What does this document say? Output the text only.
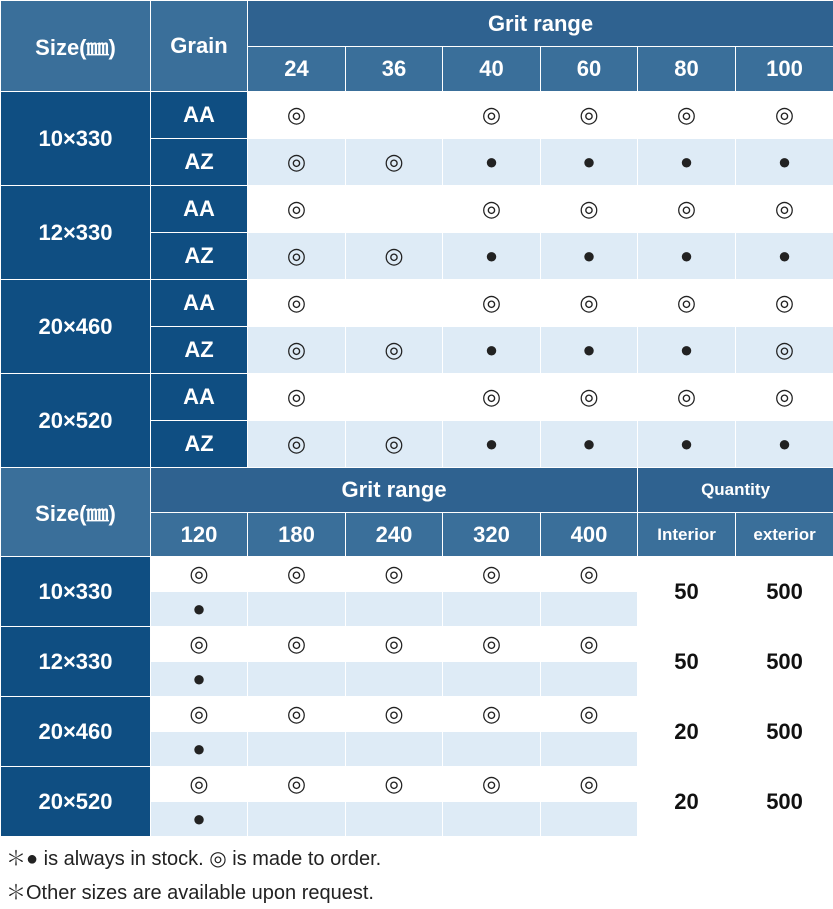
Size(㎜)	Grain	Grit range					
		24	36	40	60	80	100
10×330	AA	◎		◎	◎	◎	◎
	AZ	◎	◎	●	●	●	●
12×330	AA	◎		◎	◎	◎	◎
	AZ	◎	◎	●	●	●	●
20×460	AA	◎		◎	◎	◎	◎
	AZ	◎	◎	●	●	●	◎
20×520	AA	◎		◎	◎	◎	◎
	AZ	◎	◎	●	●	●	●
Size(㎜)	Grit range					Quantity	
	120	180	240	320	400	Interior	exterior
10×330	◎	◎	◎	◎	◎	50	500
	●						
12×330	◎	◎	◎	◎	◎	50	500
	●						
20×460	◎	◎	◎	◎	◎	20	500
	●						
20×520	◎	◎	◎	◎	◎	20	500
	●						
＊● is always in stock. ◎ is made to order.
＊Other sizes are available upon request.
